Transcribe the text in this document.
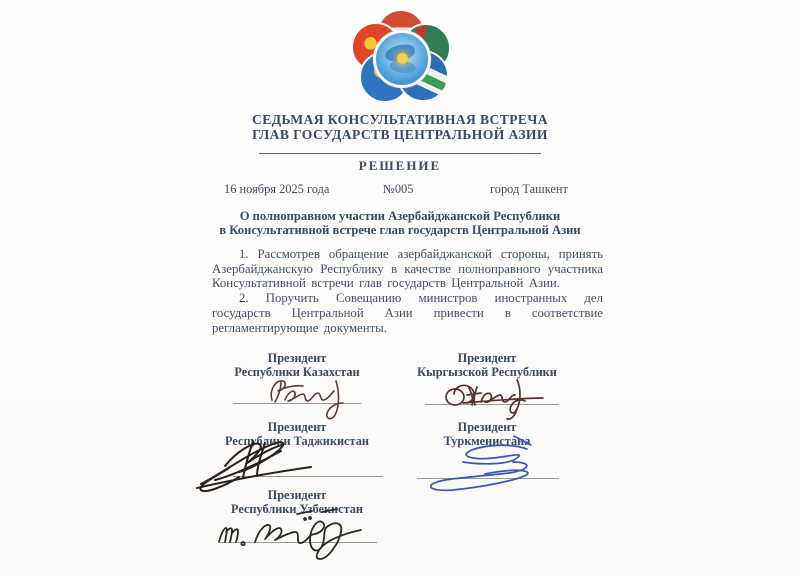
СЕДЬМАЯ КОНСУЛЬТАТИВНАЯ ВСТРЕЧА
ГЛАВ ГОСУДАРСТВ ЦЕНТРАЛЬНОЙ АЗИИ
РЕШЕНИЕ
16 ноября 2025 года	№005	город Ташкент
О полноправном участии Азербайджанской Республики
в Консультативной встрече глав государств Центральной Азии

1. Рассмотрев обращение азербайджанской стороны, принять Азербайджанскую Республику в качестве полноправного участника Консультативной встречи глав государств Центральной Азии.

2. Поручить Совещанию министров иностранных дел государств Центральной Азии привести в соответствие регламентирующие документы.

Президент
Республики Казахстан
Президент
Кыргызской Республики
Президент
Республики Таджикистан
Президент
Туркменистана
Президент
Республики Узбекистан
